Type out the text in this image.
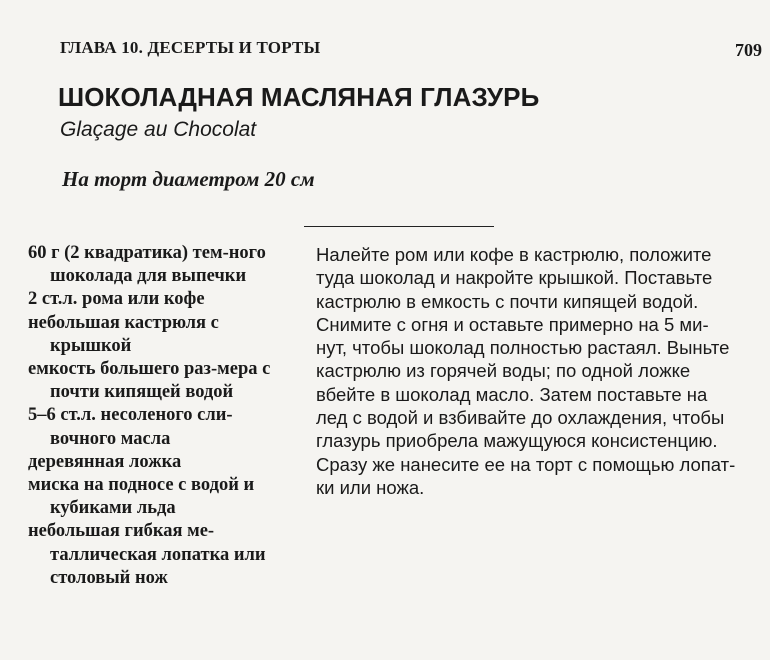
ГЛАВА 10. ДЕСЕРТЫ И ТОРТЫ	709
ШОКОЛАДНАЯ МАСЛЯНАЯ ГЛАЗУРЬ
Glaçage au Chocolat
На торт диаметром 20 см
60 г (2 квадратика) тем-ного шоколада для выпечки
2 ст.л. рома или кофе
небольшая кастрюля с крышкой
емкость большего раз-мера с почти кипящей водой
5–6 ст.л. несоленого сли-вочного масла
деревянная ложка
миска на подносе с водой и кубиками льда
небольшая гибкая ме-таллическая лопатка или столовый нож
Налейте ром или кофе в кастрюлю, положите
туда шоколад и накройте крышкой. Поставьте
кастрюлю в емкость с почти кипящей водой.
Снимите с огня и оставьте примерно на 5 ми-
нут, чтобы шоколад полностью растаял. Выньте
кастрюлю из горячей воды; по одной ложке
вбейте в шоколад масло. Затем поставьте на
лед с водой и взбивайте до охлаждения, чтобы
глазурь приобрела мажущуюся консистенцию.
Сразу же нанесите ее на торт с помощью лопат-
ки или ножа.
